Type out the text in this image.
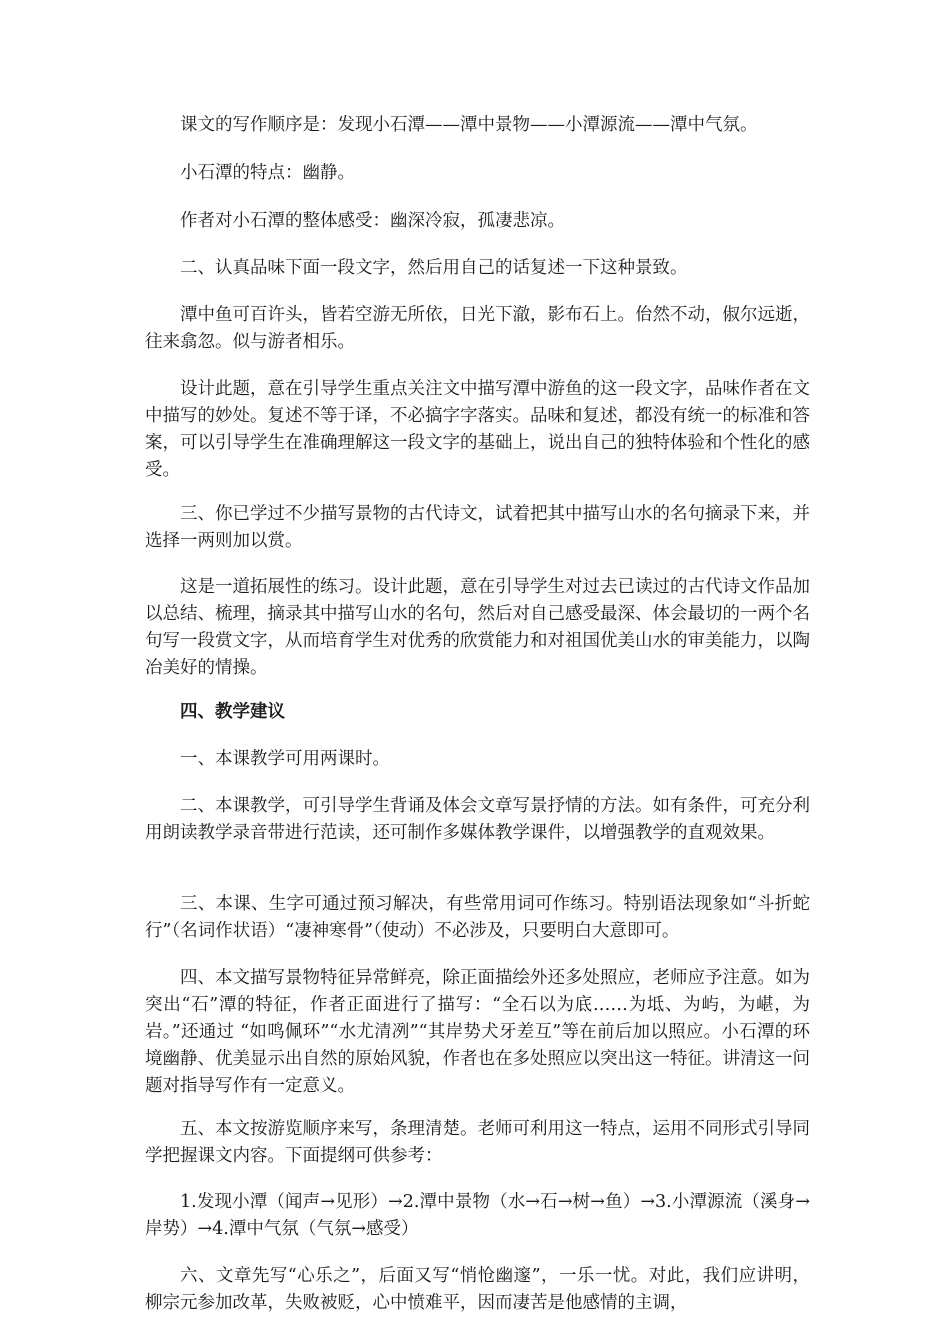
课文的写作顺序是：发现小石潭——潭中景物——小潭源流——潭中气氛。

小石潭的特点：幽静。

作者对小石潭的整体感受：幽深冷寂，孤凄悲凉。

二、认真品味下面一段文字，然后用自己的话复述一下这种景致。

潭中鱼可百许头，皆若空游无所依，日光下澈，影布石上。佁然不动，俶尔远逝，往来翕忽。似与游者相乐。

设计此题，意在引导学生重点关注文中描写潭中游鱼的这一段文字，品味作者在文中描写的妙处。复述不等于译，不必搞字字落实。品味和复述，都没有统一的标准和答案，可以引导学生在准确理解这一段文字的基础上，说出自己的独特体验和个性化的感受。

三、你已学过不少描写景物的古代诗文，试着把其中描写山水的名句摘录下来，并选择一两则加以赏。

这是一道拓展性的练习。设计此题，意在引导学生对过去已读过的古代诗文作品加以总结、梳理，摘录其中描写山水的名句，然后对自己感受最深、体会最切的一两个名句写一段赏文字，从而培育学生对优秀的欣赏能力和对祖国优美山水的审美能力，以陶冶美好的情操。

四、教学建议

一、本课教学可用两课时。

二、本课教学，可引导学生背诵及体会文章写景抒情的方法。如有条件，可充分利用朗读教学录音带进行范读，还可制作多媒体教学课件，以增强教学的直观效果。

三、本课、生字可通过预习解决，有些常用词可作练习。特别语法现象如“斗折蛇行”（名词作状语）“凄神寒骨”（使动）不必涉及，只要明白大意即可。

四、本文描写景物特征异常鲜亮，除正面描绘外还多处照应，老师应予注意。如为突出“石”潭的特征，作者正面进行了描写：“全石以为底……为坻、为屿，为嵁，为岩。”还通过 “如鸣佩环”“水尤清冽”“其岸势犬牙差互”等在前后加以照应。小石潭的环境幽静、优美显示出自然的原始风貌，作者也在多处照应以突出这一特征。讲清这一问题对指导写作有一定意义。

五、本文按游览顺序来写，条理清楚。老师可利用这一特点，运用不同形式引导同学把握课文内容。下面提纲可供参考：

1.发现小潭（闻声→见形）→2.潭中景物（水→石→树→鱼）→3.小潭源流（溪身→岸势）→4.潭中气氛（气氛→感受）

六、文章先写“心乐之”，后面又写“悄怆幽邃”，一乐一忧。对此，我们应讲明，柳宗元参加改革，失败被贬，心中愤难平，因而凄苦是他感情的主调，
